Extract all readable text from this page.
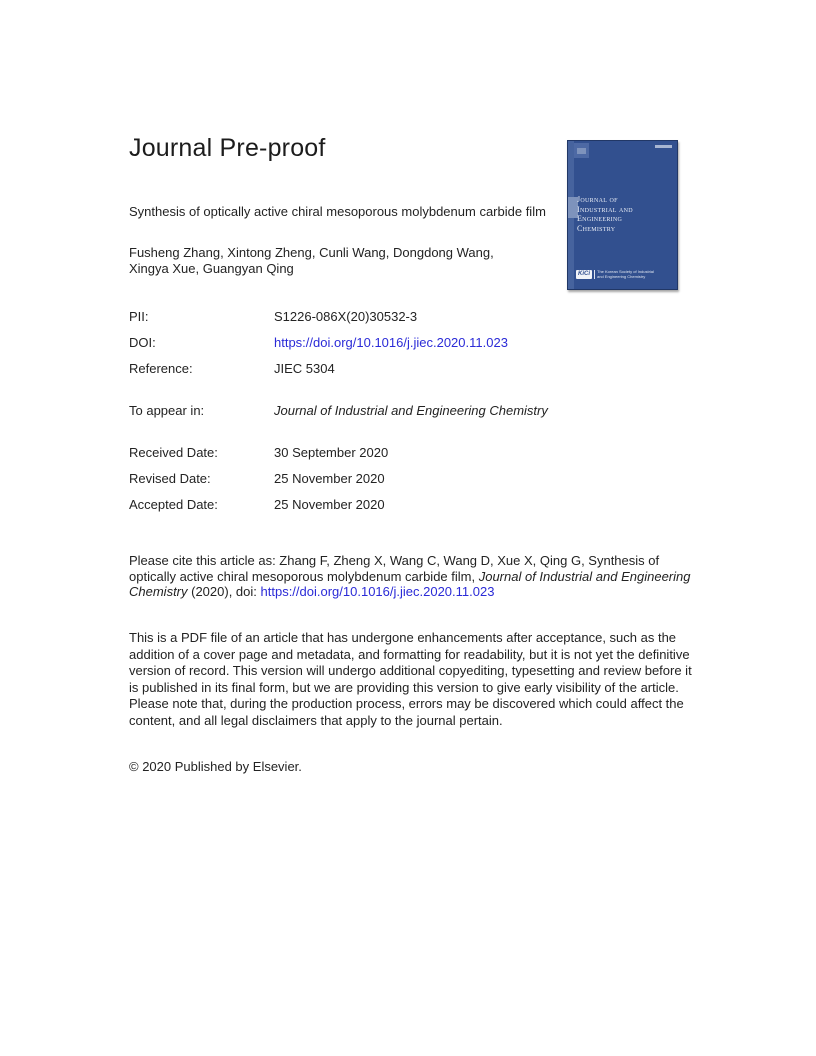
Journal Pre-proof
Journal of
Industrial and
Engineering
Chemistry
KiCi	The Korean Society of Industrial
and Engineering Chemistry
Synthesis of optically active chiral mesoporous molybdenum carbide film
Fusheng Zhang, Xintong Zheng, Cunli Wang, Dongdong Wang,
Xingya Xue, Guangyan Qing
PII:	S1226-086X(20)30532-3
DOI:	https://doi.org/10.1016/j.jiec.2020.11.023
Reference:	JIEC 5304
To appear in:	Journal of Industrial and Engineering Chemistry
Received Date:	30 September 2020
Revised Date:	25 November 2020
Accepted Date:	25 November 2020

Please cite this article as: Zhang F, Zheng X, Wang C, Wang D, Xue X, Qing G, Synthesis of optically active chiral mesoporous molybdenum carbide film, Journal of Industrial and Engineering Chemistry (2020), doi: https://doi.org/10.1016/j.jiec.2020.11.023

This is a PDF file of an article that has undergone enhancements after acceptance, such as the addition of a cover page and metadata, and formatting for readability, but it is not yet the definitive version of record. This version will undergo additional copyediting, typesetting and review before it is published in its final form, but we are providing this version to give early visibility of the article. Please note that, during the production process, errors may be discovered which could affect the content, and all legal disclaimers that apply to the journal pertain.

© 2020 Published by Elsevier.
